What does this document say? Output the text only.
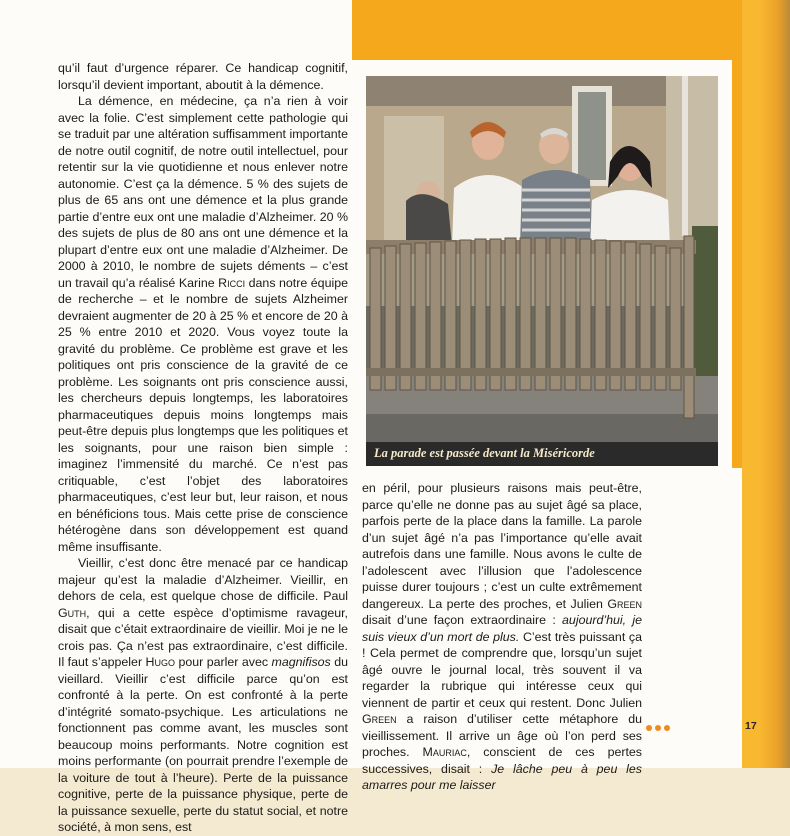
qu’il faut d’urgence réparer. Ce handicap cognitif, lorsqu’il devient important, aboutit à la démence.

La démence, en médecine, ça n’a rien à voir avec la folie. C’est simplement cette pathologie qui se traduit par une altération suffisamment importante de notre outil cognitif, de notre outil intellectuel, pour retentir sur la vie quotidienne et nous enlever notre autonomie. C’est ça la démence. 5 % des sujets de plus de 65 ans ont une démence et la plus grande partie d’entre eux ont une maladie d’Alzheimer. 20 % des sujets de plus de 80 ans ont une démence et la plupart d’entre eux ont une maladie d’Alzheimer. De 2000 à 2010, le nombre de sujets déments – c’est un travail qu’a réalisé Karine Ricci dans notre équipe de recherche – et le nombre de sujets Alzheimer devraient augmenter de 20 à 25 % et encore de 20 à 25 % entre 2010 et 2020. Vous voyez toute la gravité du problème. Ce problème est grave et les politiques ont pris conscience de la gravité de ce problème. Les soignants ont pris conscience aussi, les chercheurs depuis longtemps, les laboratoires pharmaceutiques depuis moins longtemps mais peut-être depuis plus longtemps que les politiques et les soignants, pour une raison bien simple : imaginez l’immensité du marché. Ce n’est pas critiquable, c’est l’objet des laboratoires pharmaceutiques, c’est leur but, leur raison, et nous en bénéficions tous. Mais cette prise de conscience hétérogène dans son développement est quand même insuffisante.

Vieillir, c’est donc être menacé par ce handicap majeur qu’est la maladie d’Alzheimer. Vieillir, en dehors de cela, est quelque chose de difficile. Paul Guth, qui a cette espèce d’optimisme ravageur, disait que c’était extraordinaire de vieillir. Moi je ne le crois pas. Ça n’est pas extraordinaire, c’est difficile. Il faut s’appeler Hugo pour parler avec magnifisos du vieillard. Vieillir c’est difficile parce qu’on est confronté à la perte. On est confronté à la perte d’intégrité somato-psychique. Les articulations ne fonctionnent pas comme avant, les muscles sont beaucoup moins performants. Notre cognition est moins performante (on pourrait prendre l’exemple de la voiture de tout à l’heure). Perte de la puissance cognitive, perte de la puissance physique, perte de la puissance sexuelle, perte du statut social, et notre société, à mon sens, est

La parade est passée devant la Miséricorde

en péril, pour plusieurs raisons mais peut-être, parce qu’elle ne donne pas au sujet âgé sa place, parfois perte de la place dans la famille. La parole d’un sujet âgé n’a pas l’importance qu’elle avait autrefois dans une famille. Nous avons le culte de l’adolescent avec l’illusion que l’adolescence puisse durer toujours ; c’est un culte extrêmement dangereux. La perte des proches, et Julien Green disait d’une façon extraordinaire : aujourd’hui, je suis vieux d’un mort de plus. C’est très puissant ça ! Cela permet de comprendre que, lorsqu’un sujet âgé ouvre le journal local, très souvent il va regarder la rubrique qui intéresse ceux qui viennent de partir et ceux qui restent. Donc Julien Green a raison d’utiliser cette métaphore du vieillissement. Il arrive un âge où l’on perd ses proches. Mauriac, conscient de ces pertes successives, disait : Je lâche peu à peu les amarres pour me laisser

17
